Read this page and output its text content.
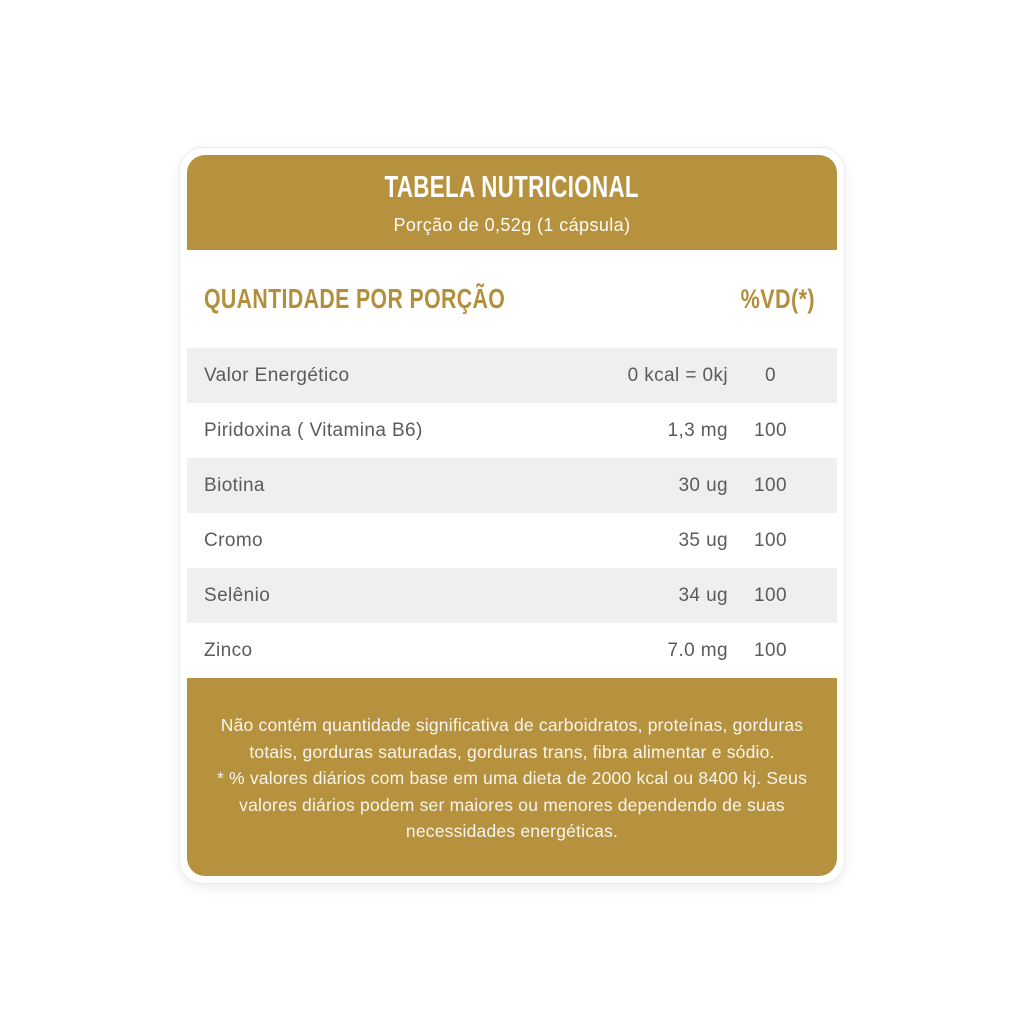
TABELA NUTRICIONAL
Porção de 0,52g (1 cápsula)
QUANTIDADE POR PORÇÃO	%VD(*)
Valor Energético	0 kcal = 0kj	0
Piridoxina ( Vitamina B6)	1,3 mg	100
Biotina	30 ug	100
Cromo	35 ug	100
Selênio	34 ug	100
Zinco	7.0 mg	100

Não contém quantidade significativa de carboidratos, proteínas, gorduras totais, gorduras saturadas, gorduras trans, fibra alimentar e sódio.

* % valores diários com base em uma dieta de 2000 kcal ou 8400 kj. Seus valores diários podem ser maiores ou menores dependendo de suas necessidades energéticas.
